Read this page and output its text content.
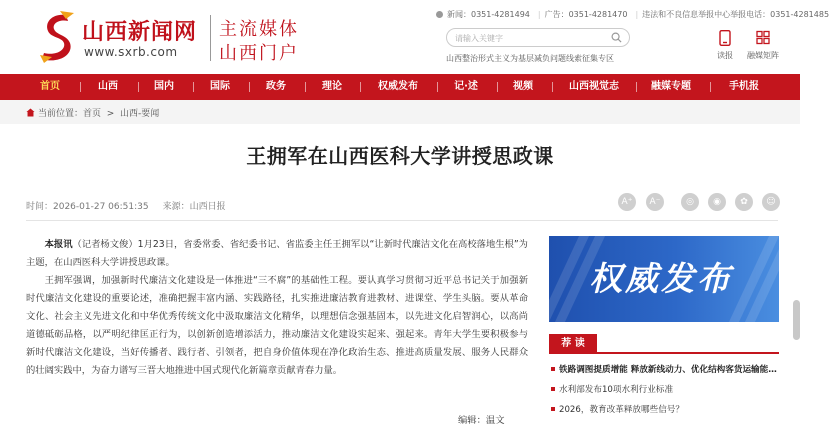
山西新闻网
www.sxrb.com
主流媒体
山西门户
新闻：0351-4281494 | 广告：0351-4281470 | 违法和不良信息举报中心举报电话：0351-4281485
请输入关键字
山西整治形式主义为基层减负问题线索征集专区	读报	融媒矩阵
首页	山西	国内	国际	政务	理论	权威发布	记·述	视频	山西视觉志	融媒专题	手机报
当前位置：首页 > 山西-要闻
王拥军在山西医科大学讲授思政课
时间：2026-01-27 06:51:35 来源：山西日报	A⁺	A⁻	◎	◉	✿	☺

本报讯（记者杨文俊）1月23日，省委常委、省纪委书记、省监委主任王拥军以“让新时代廉洁文化在高校落地生根”为主题，在山西医科大学讲授思政课。

王拥军强调，加强新时代廉洁文化建设是一体推进“三不腐”的基础性工程。要认真学习贯彻习近平总书记关于加强新时代廉洁文化建设的重要论述，准确把握丰富内涵、实践路径，扎实推进廉洁教育进教材、进课堂、学生头脑。要从革命文化、社会主义先进文化和中华优秀传统文化中汲取廉洁文化精华，以理想信念强基固本，以先进文化启智润心，以高尚道德砥砺品格，以严明纪律匡正行为，以创新创造增添活力，推动廉洁文化建设实起来、强起来。青年大学生要积极参与新时代廉洁文化建设，当好传播者、践行者、引领者，把自身价值体现在净化政治生态、推进高质量发展、服务人民群众的壮阔实践中，为奋力谱写三晋大地推进中国式现代化新篇章贡献青春力量。

编辑：温文
权威发布
荐 读
铁路调图提质增能 释放新线动力、优化结构客货运输能…
水利部发布10项水利行业标准
2026，教育改革释放哪些信号？
